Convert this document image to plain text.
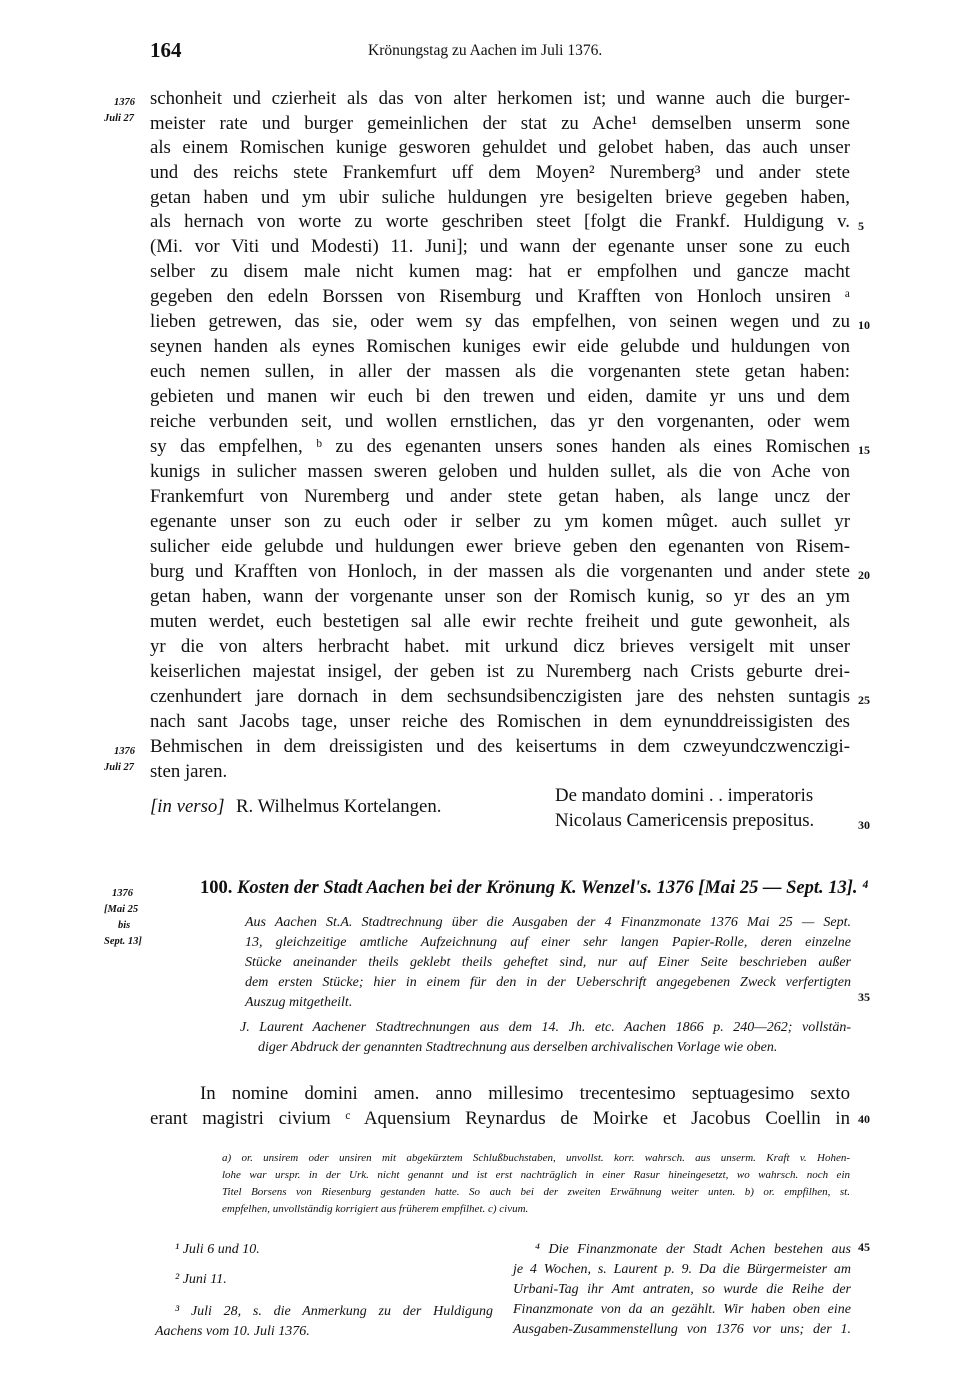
164	Krönungstag zu Aachen im Juli 1376.
1376
Juli 27
1376
Juli 27
1376
[Mai 25
bis
Sept. 13]
schonheit und czierheit als das von alter herkomen ist; und wanne auch die burger-
meister rate und burger gemeinlichen der stat zu Ache¹ demselben unserm sone
als einem Romischen kunige gesworen gehuldet und gelobet haben, das auch unser
und des reichs stete Frankemfurt uff dem Moyen² Nuremberg³ und ander stete
getan haben und ym ubir suliche huldungen yre besigelten brieve gegeben haben,
als hernach von worte zu worte geschriben steet [folgt die Frankf. Huldigung v.
(Mi. vor Viti und Modesti) 11. Juni]; und wann der egenante unser sone zu euch
selber zu disem male nicht kumen mag: hat er empfolhen und gancze macht
gegeben den edeln Borssen von Risemburg und Krafften von Honloch unsiren ᵃ
lieben getrewen, das sie, oder wem sy das empfelhen, von seinen wegen und zu
seynen handen als eynes Romischen kuniges ewir eide gelubde und huldungen von
euch nemen sullen, in aller der massen als die vorgenanten stete getan haben:
gebieten und manen wir euch bi den trewen und eiden, damite yr uns und dem
reiche verbunden seit, und wollen ernstlichen, das yr den vorgenanten, oder wem
sy das empfelhen, ᵇ zu des egenanten unsers sones handen als eines Romischen
kunigs in sulicher massen sweren geloben und hulden sullet, als die von Ache von
Frankemfurt von Nuremberg und ander stete getan haben, als lange uncz der
egenante unser son zu euch oder ir selber zu ym komen mûget. auch sullet yr
sulicher eide gelubde und huldungen ewer brieve geben den egenanten von Risem-
burg und Krafften von Honloch, in der massen als die vorgenanten und ander stete
getan haben, wann der vorgenante unser son der Romisch kunig, so yr des an ym
muten werdet, euch bestetigen sal alle ewir rechte freiheit und gute gewonheit, als
yr die von alters herbracht habet. mit urkund dicz brieves versigelt mit unser
keiserlichen majestat insigel, der geben ist zu Nuremberg nach Crists geburte drei-
czenhundert jare dornach in dem sechsundsibenczigisten jare des nehsten suntagis
nach sant Jacobs tage, unser reiche des Romischen in dem eynunddreissigisten des
Behmischen in dem dreissigisten und des keisertums in dem czweyundczwenczigi-
sten jaren.
5
10
15
20
25
30
35
40
45
[in verso] R. Wilhelmus Kortelangen.
De mandato domini . . imperatoris
Nicolaus Camericensis prepositus.
100. Kosten der Stadt Aachen bei der Krönung K. Wenzel's. 1376 [Mai 25 — Sept. 13]. ⁴
Aus Aachen St.A. Stadtrechnung über die Ausgaben der 4 Finanzmonate 1376 Mai 25 — Sept.
13, gleichzeitige amtliche Aufzeichnung auf einer sehr langen Papier-Rolle, deren einzelne
Stücke aneinander theils geklebt theils geheftet sind, nur auf Einer Seite beschrieben außer
dem ersten Stücke; hier in einem für den in der Ueberschrift angegebenen Zweck verfertigten
Auszug mitgetheilt.
J. Laurent Aachener Stadtrechnungen aus dem 14. Jh. etc. Aachen 1866 p. 240—262; vollstän-
diger Abdruck der genannten Stadtrechnung aus derselben archivalischen Vorlage wie oben.
In nomine domini amen. anno millesimo trecentesimo septuagesimo sexto
erant magistri civium ᶜ Aquensium Reynardus de Moirke et Jacobus Coellin in
a) or. unsirem oder unsiren mit abgekürztem Schlußbuchstaben, unvollst. korr. wahrsch. aus unserm. Kraft v. Hohen-
lohe war urspr. in der Urk. nicht genannt und ist erst nachträglich in einer Rasur hineingesetzt, wo wahrsch. noch ein
Titel Borsens von Riesenburg gestanden hatte. So auch bei der zweiten Erwähnung weiter unten. b) or. empfilhen, st.
empfelhen, unvollständig korrigiert aus früherem empfilhet. c) civum.
¹ Juli 6 und 10.
² Juni 11.
³ Juli 28, s. die Anmerkung zu der Huldigung
Aachens vom 10. Juli 1376.
⁴ Die Finanzmonate der Stadt Achen bestehen aus
je 4 Wochen, s. Laurent p. 9. Da die Bürgermeister am
Urbani-Tag ihr Amt antraten, so wurde die Reihe der
Finanzmonate von da an gezählt. Wir haben oben eine
Ausgaben-Zusammenstellung von 1376 vor uns; der 1.
